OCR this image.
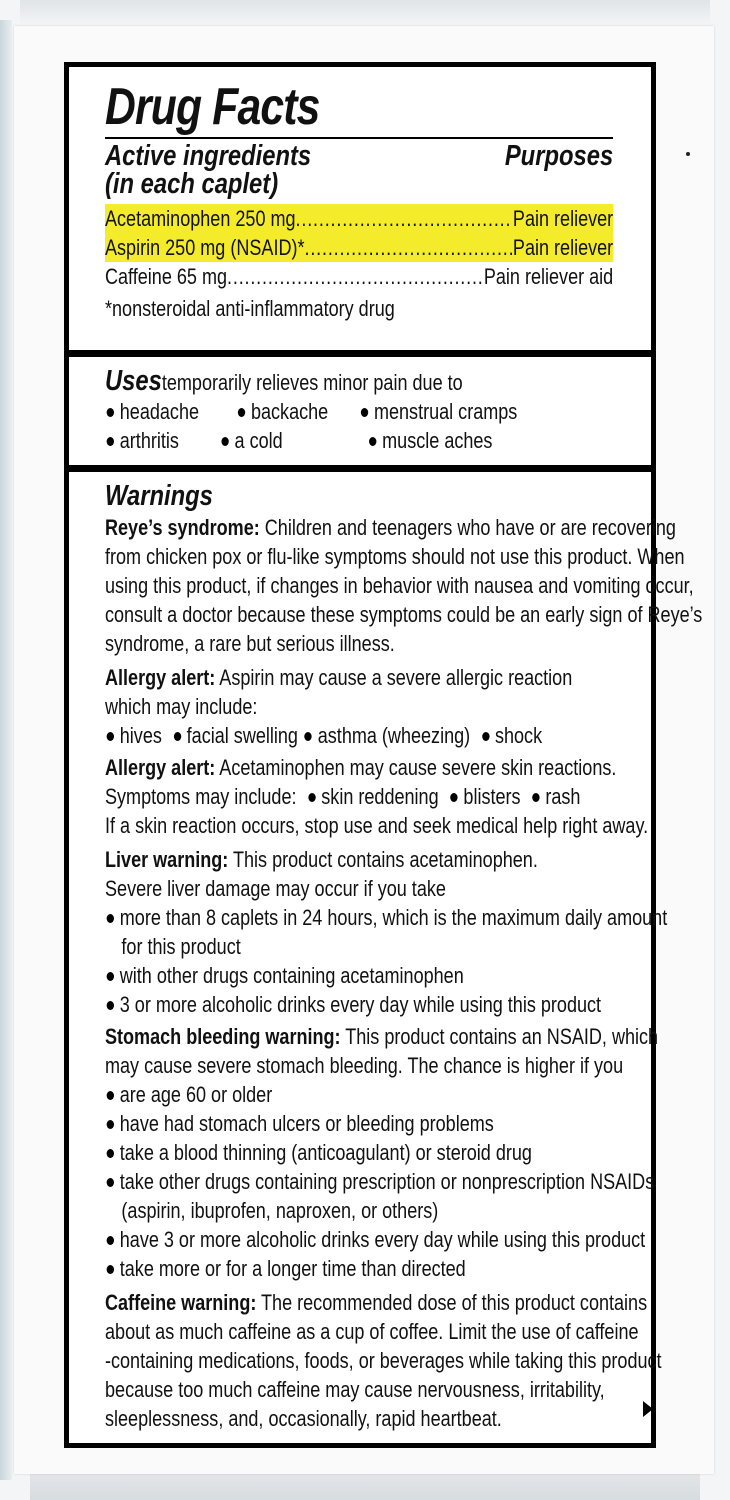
Drug Facts
Active ingredients	Purposes
(in each caplet)
Acetaminophen 250 mg .....	Pain reliever
Aspirin 250 mg (NSAID)* .....	Pain reliever
Caffeine 65 mg .....	Pain reliever aid
*nonsteroidal anti-inflammatory drug
Usestemporarily relieves minor pain due to
headache backache menstrual cramps
arthritis	a cold	muscle aches
Warnings
Reye’s syndrome: Children and teenagers who have or are recovering
from chicken pox or flu-like symptoms should not use this product. When
using this product, if changes in behavior with nausea and vomiting occur,
consult a doctor because these symptoms could be an early sign of Reye’s
syndrome, a rare but serious illness.
Allergy alert: Aspirin may cause a severe allergic reaction
which may include:
hives facial swelling asthma (wheezing) shock
Allergy alert: Acetaminophen may cause severe skin reactions.
Symptoms may include: skin reddening blisters rash
If a skin reaction occurs, stop use and seek medical help right away.
Liver warning: This product contains acetaminophen.
Severe liver damage may occur if you take
more than 8 caplets in 24 hours, which is the maximum daily amount
for this product
with other drugs containing acetaminophen
3 or more alcoholic drinks every day while using this product
Stomach bleeding warning: This product contains an NSAID, which
may cause severe stomach bleeding. The chance is higher if you
are age 60 or older
have had stomach ulcers or bleeding problems
take a blood thinning (anticoagulant) or steroid drug
take other drugs containing prescription or nonprescription NSAIDs
(aspirin, ibuprofen, naproxen, or others)
have 3 or more alcoholic drinks every day while using this product
take more or for a longer time than directed
Caffeine warning: The recommended dose of this product contains
about as much caffeine as a cup of coffee. Limit the use of caffeine
-containing medications, foods, or beverages while taking this product
because too much caffeine may cause nervousness, irritability,
sleeplessness, and, occasionally, rapid heartbeat.
